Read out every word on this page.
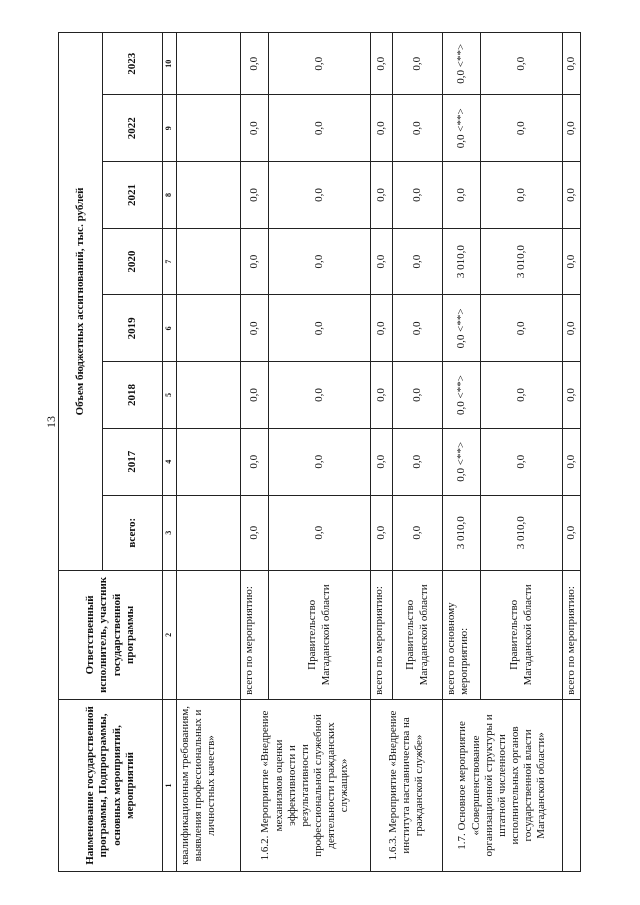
13
Наименование государственной программы, Подпрограммы, основных мероприятий, мероприятий	Ответственный исполнитель, участник государственной программы	Объем бюджетных ассигнований, тыс. рублей							
		всего:	2017	2018	2019	2020	2021	2022	2023
1	2	3	4	5	6	7	8	9	10
квалификационным требованиям, выявления профессиональных и личностных качеств»									
1.6.2. Мероприятие «Внедрение механизмов оценки эффективности и результативности профессиональной служебной деятельности гражданских служащих»	всего по мероприятию:	0,0	0,0	0,0	0,0	0,0	0,0	0,0	0,0
	Правительство Магаданской области	0,0	0,0	0,0	0,0	0,0	0,0	0,0	0,0
1.6.3. Мероприятие «Внедрение института наставничества на гражданской службе»	всего по мероприятию:	0,0	0,0	0,0	0,0	0,0	0,0	0,0	0,0
	Правительство Магаданской области	0,0	0,0	0,0	0,0	0,0	0,0	0,0	0,0
1.7. Основное мероприятие «Совершенствование организационной структуры и штатной численности исполнительных органов государственной власти Магаданской области»	всего по основному мероприятию:	3 010,0	0,0 <**>	0,0 <**>	0,0 <**>	3 010,0	0,0	0,0 <**>	0,0 <**>
	Правительство Магаданской области	3 010,0	0,0	0,0	0,0	3 010,0	0,0	0,0	0,0
	всего по мероприятию:	0,0	0,0	0,0	0,0	0,0	0,0	0,0	0,0
